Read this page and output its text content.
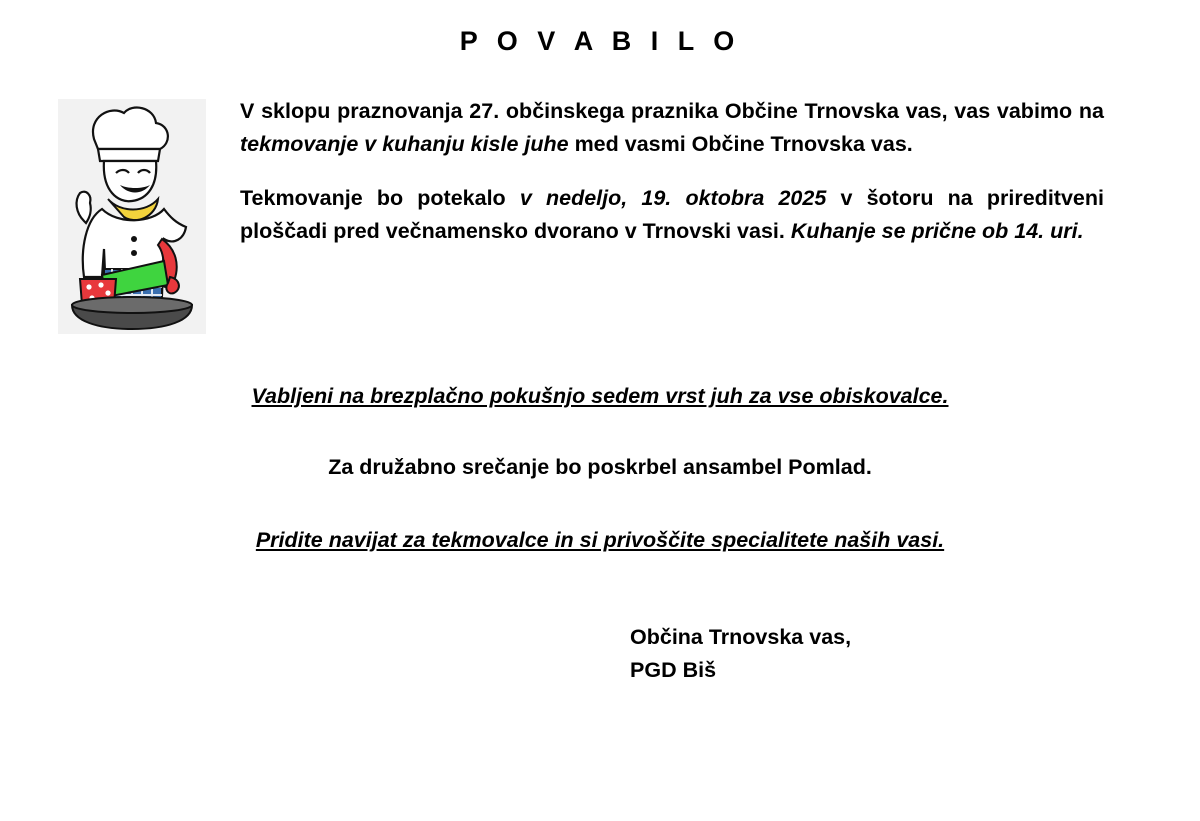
P O V A B I L O

V sklopu praznovanja 27. občinskega praznika Občine Trnovska vas, vas vabimo na tekmovanje v kuhanju kisle juhe med vasmi Občine Trnovska vas.

Tekmovanje bo potekalo v nedeljo, 19. oktobra 2025 v šotoru na prireditveni ploščadi pred večnamensko dvorano v Trnovski vasi. Kuhanje se prične ob 14. uri.

Vabljeni na brezplačno pokušnjo sedem vrst juh za vse obiskovalce.

Za družabno srečanje bo poskrbel ansambel Pomlad.

Pridite navijat za tekmovalce in si privoščite specialitete naših vasi.

Občina Trnovska vas,
PGD Biš
